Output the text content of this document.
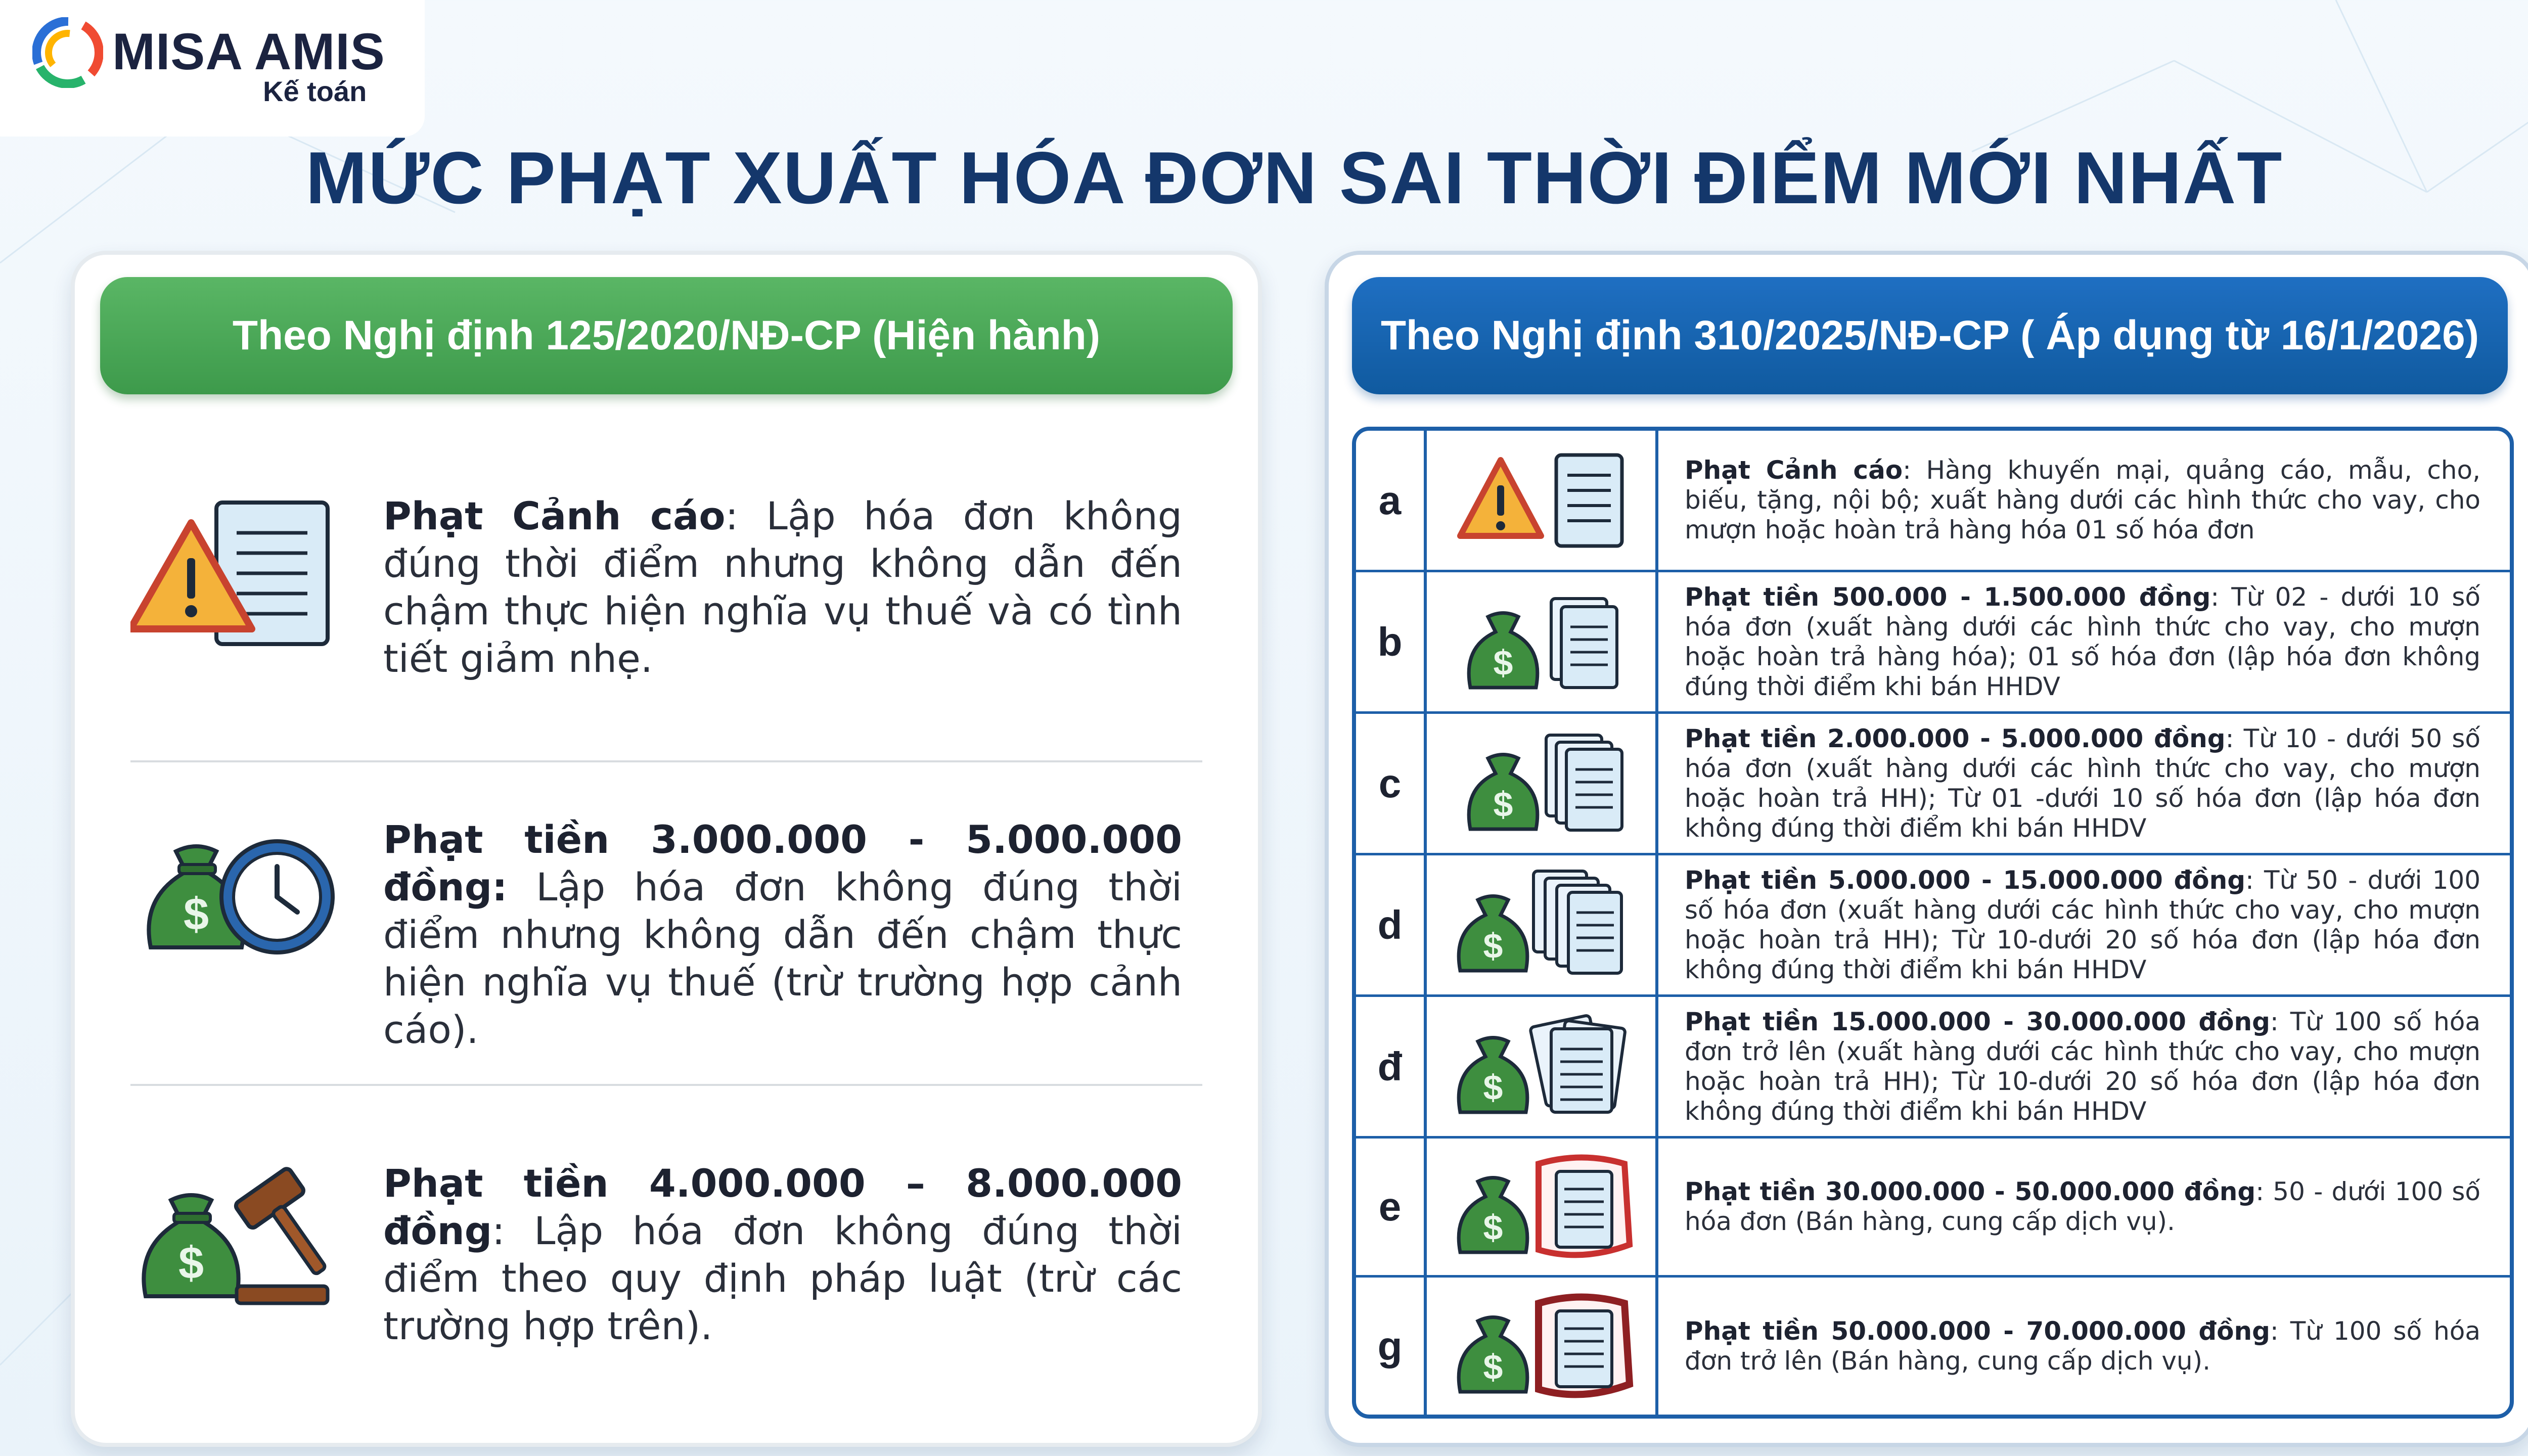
MISA AMIS
Kế toán
MỨC PHẠT XUẤT HÓA ĐƠN SAI THỜI ĐIỂM MỚI NHẤT
Theo Nghị định 125/2020/NĐ-CP (Hiện hành)
Phạt Cảnh cáo: Lập hóa đơn không đúng thời điểm nhưng không dẫn đến chậm thực hiện nghĩa vụ thuế và có tình tiết giảm nhẹ.
$
Phạt tiền 3.000.000 - 5.000.000 đồng: Lập hóa đơn không đúng thời điểm nhưng không dẫn đến chậm thực hiện nghĩa vụ thuế (trừ trường hợp cảnh cáo).
$
Phạt tiền 4.000.000 – 8.000.000 đồng: Lập hóa đơn không đúng thời điểm theo quy định pháp luật (trừ các trường hợp trên).
Theo Nghị định 310/2025/NĐ-CP ( Áp dụng từ 16/1/2026)
a
Phạt Cảnh cáo: Hàng khuyến mại, quảng cáo, mẫu, cho, biếu, tặng, nội bộ; xuất hàng dưới các hình thức cho vay, cho mượn hoặc hoàn trả hàng hóa 01 số hóa đơn
b	$
Phạt tiền 500.000 - 1.500.000 đồng: Từ 02 - dưới 10 số hóa đơn (xuất hàng dưới các hình thức cho vay, cho mượn hoặc hoàn trả hàng hóa); 01 số hóa đơn (lập hóa đơn không đúng thời điểm khi bán HHDV
c	$
Phạt tiền 2.000.000 - 5.000.000 đồng: Từ 10 - dưới 50 số hóa đơn (xuất hàng dưới các hình thức cho vay, cho mượn hoặc hoàn trả HH); Từ 01 -dưới 10 số hóa đơn (lập hóa đơn không đúng thời điểm khi bán HHDV
d	$
Phạt tiền 5.000.000 - 15.000.000 đồng: Từ 50 - dưới 100 số hóa đơn (xuất hàng dưới các hình thức cho vay, cho mượn hoặc hoàn trả HH); Từ 10-dưới 20 số hóa đơn (lập hóa đơn không đúng thời điểm khi bán HHDV
đ	$
Phạt tiền 15.000.000 - 30.000.000 đồng: Từ 100 số hóa đơn trở lên (xuất hàng dưới các hình thức cho vay, cho mượn hoặc hoàn trả HH); Từ 10-dưới 20 số hóa đơn (lập hóa đơn không đúng thời điểm khi bán HHDV
e	$
Phạt tiền 30.000.000 - 50.000.000 đồng: 50 - dưới 100 số hóa đơn (Bán hàng, cung cấp dịch vụ).
g	$
Phạt tiền 50.000.000 - 70.000.000 đồng: Từ 100 số hóa đơn trở lên (Bán hàng, cung cấp dịch vụ).
